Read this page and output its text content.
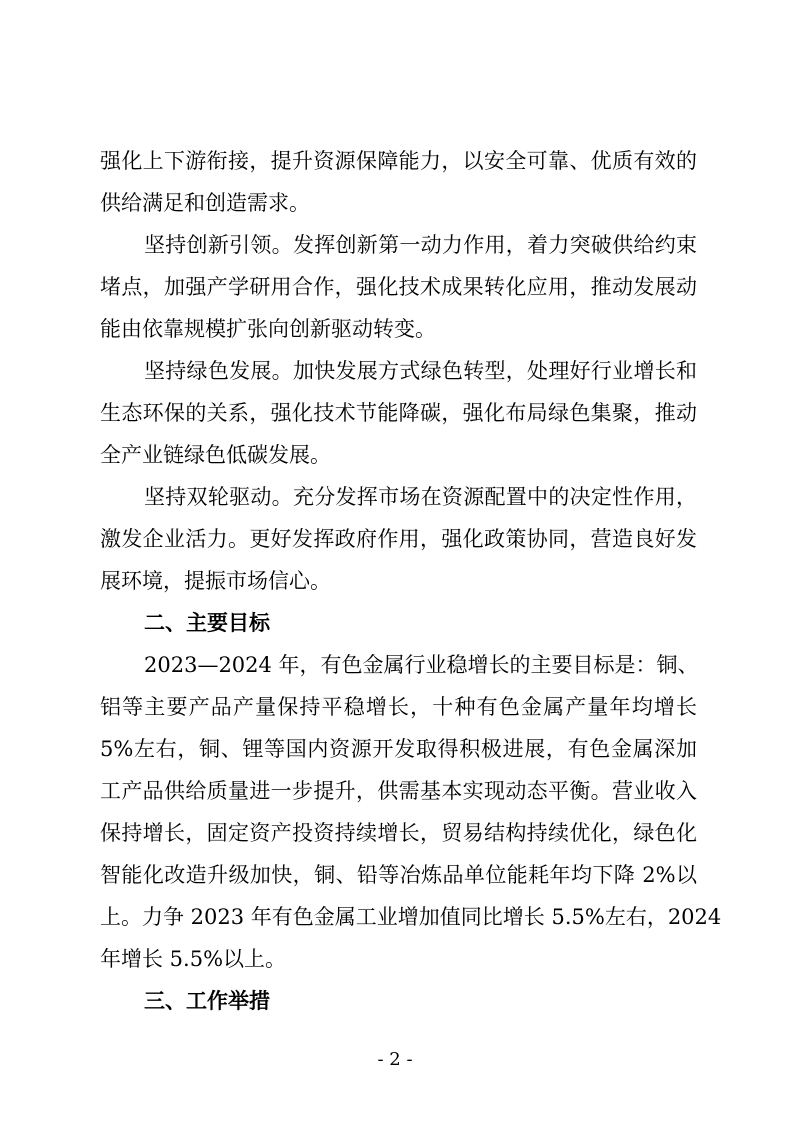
强化上下游衔接，提升资源保障能力，以安全可靠、优质有效的
供给满足和创造需求。
坚持创新引领。发挥创新第一动力作用，着力突破供给约束
堵点，加强产学研用合作，强化技术成果转化应用，推动发展动
能由依靠规模扩张向创新驱动转变。
坚持绿色发展。加快发展方式绿色转型，处理好行业增长和
生态环保的关系，强化技术节能降碳，强化布局绿色集聚，推动
全产业链绿色低碳发展。
坚持双轮驱动。充分发挥市场在资源配置中的决定性作用，
激发企业活力。更好发挥政府作用，强化政策协同，营造良好发
展环境，提振市场信心。
二、主要目标
2023—2024 年，有色金属行业稳增长的主要目标是：铜、
铝等主要产品产量保持平稳增长，十种有色金属产量年均增长
5%左右，铜、锂等国内资源开发取得积极进展，有色金属深加
工产品供给质量进一步提升，供需基本实现动态平衡。营业收入
保持增长，固定资产投资持续增长，贸易结构持续优化，绿色化
智能化改造升级加快，铜、铅等冶炼品单位能耗年均下降 2%以
上。力争 2023 年有色金属工业增加值同比增长 5.5%左右，2024
年增长 5.5%以上。
三、工作举措
- 2 -
